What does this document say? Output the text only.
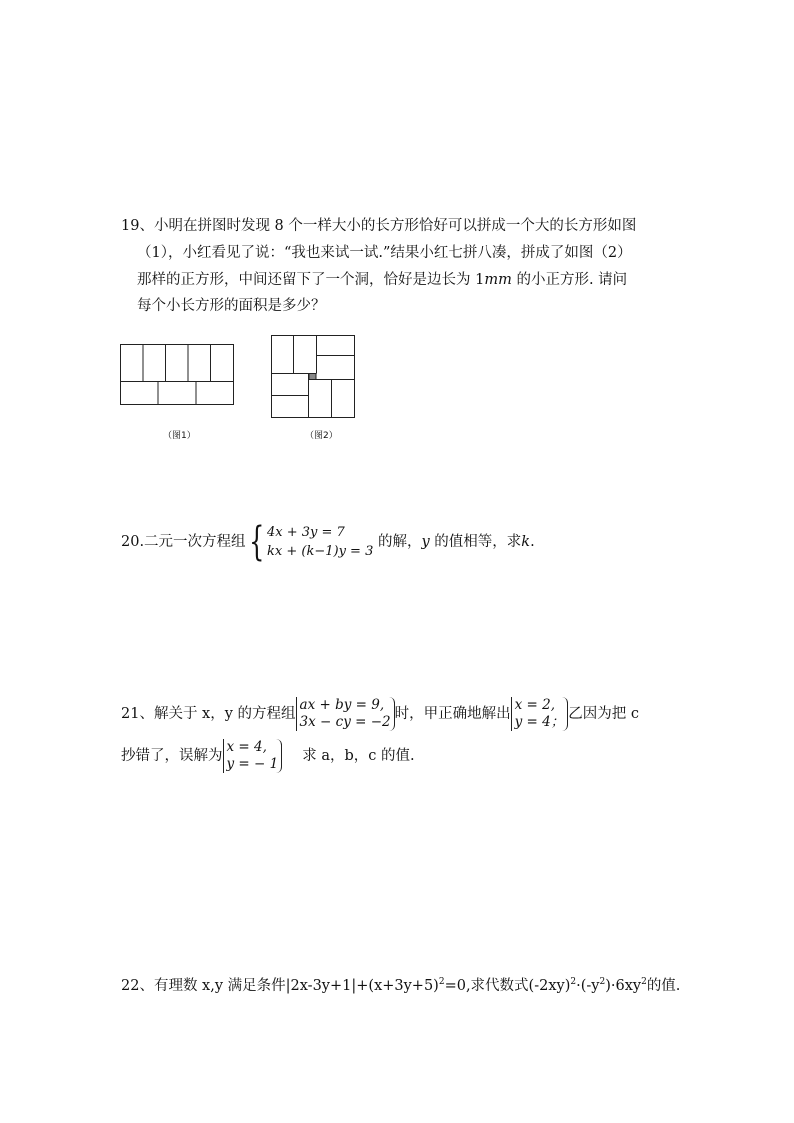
19、小明在拼图时发现 8 个一样大小的长方形恰好可以拼成一个大的长方形如图
（1），小红看见了说：“我也来试一试.”结果小红七拼八凑，拼成了如图（2）
那样的正方形，中间还留下了一个洞，恰好是边长为 1mm 的小正方形. 请问
每个小长方形的面积是多少？
（图1）	（图2）
20.二元一次方程组{ 4x + 3y = 7
kx + (k−1)y = 3
的解，y 的值相等，求k.
21、解关于 x，y 的方程组
ax + by = 9,
3x − cy = −2 时，甲正确地解出
x = 2,
y = 4； 乙因为把 c
抄错了，误解为
x = 4,
y = − 1 求 a，b，c 的值.
22、有理数 x,y 满足条件$|2x-3y+1|+(x+3y+5)^2=0$,求代数式$(-2xy)^2\cdot(-y^2)\cdot 6xy^2$的值.
